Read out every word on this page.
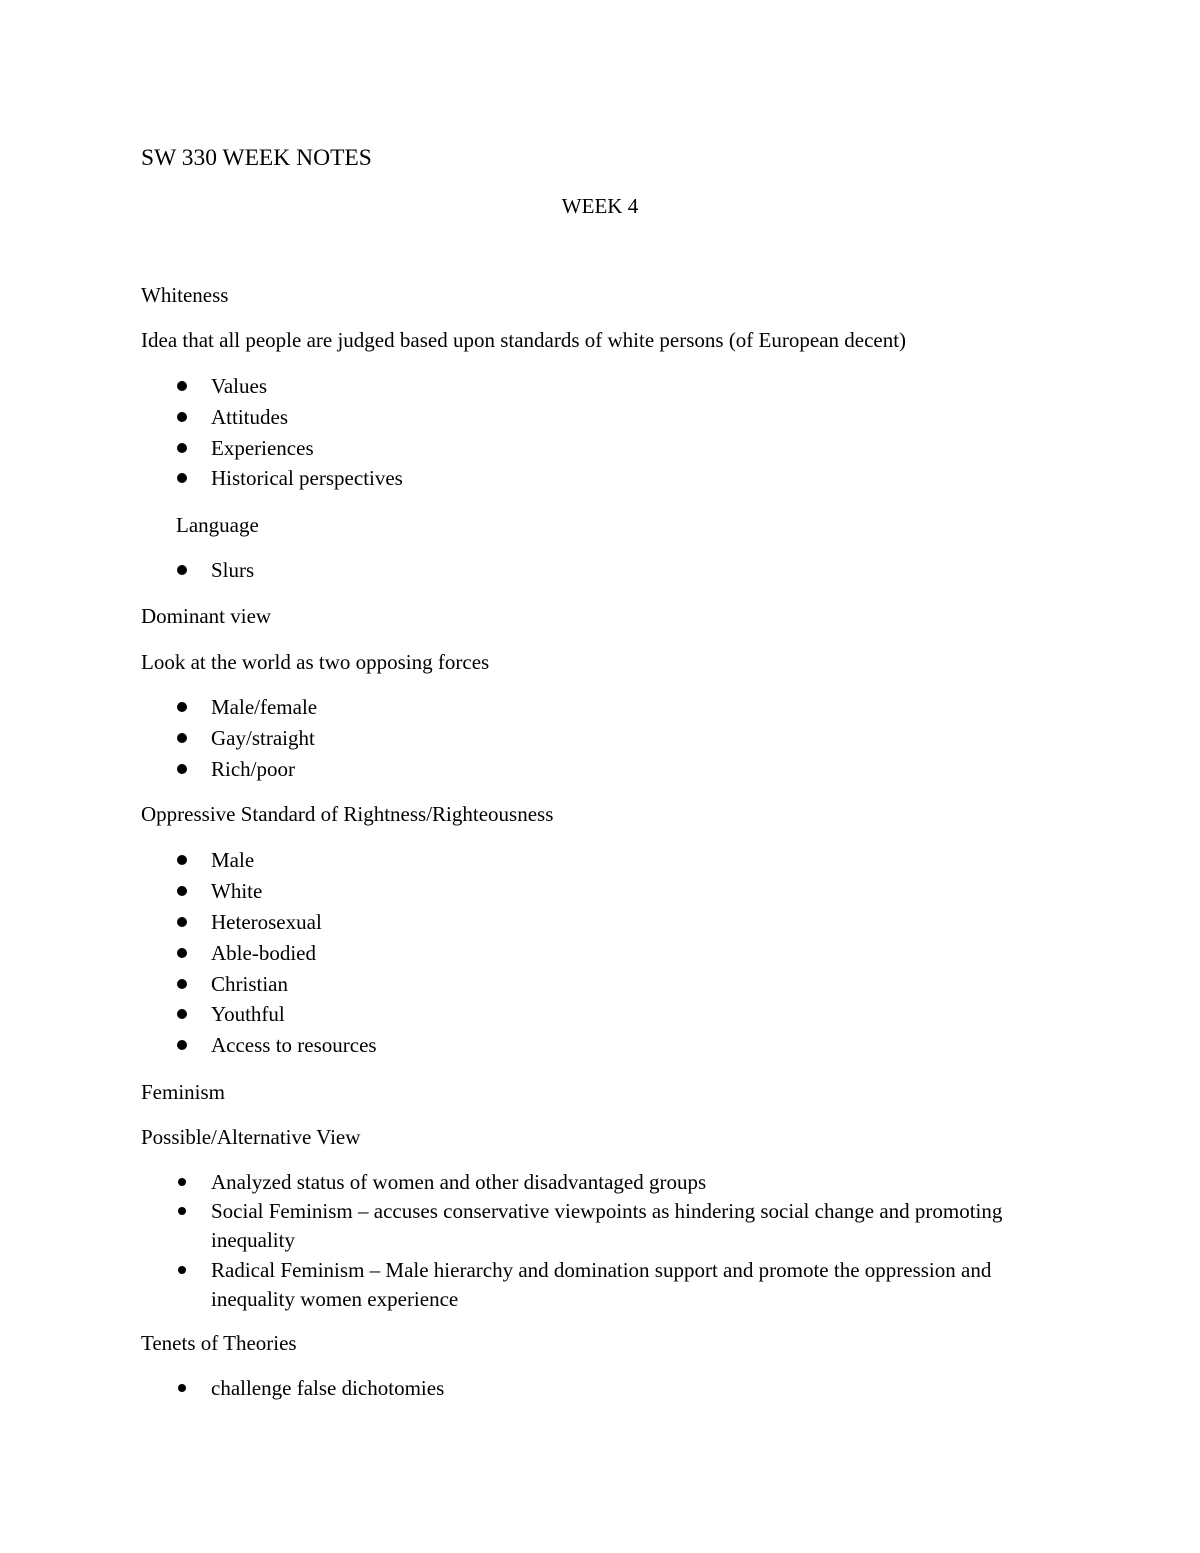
SW 330 WEEK NOTES
WEEK 4
Whiteness
Idea that all people are judged based upon standards of white persons (of European decent)
Values
Attitudes
Experiences
Historical perspectives
Language
Slurs
Dominant view
Look at the world as two opposing forces
Male/female
Gay/straight
Rich/poor
Oppressive Standard of Rightness/Righteousness
Male
White
Heterosexual
Able-bodied
Christian
Youthful
Access to resources
Feminism
Possible/Alternative View
Analyzed status of women and other disadvantaged groups
Social Feminism – accuses conservative viewpoints as hindering social change and promoting inequality
Radical Feminism – Male hierarchy and domination support and promote the oppression and inequality women experience
Tenets of Theories
challenge false dichotomies
